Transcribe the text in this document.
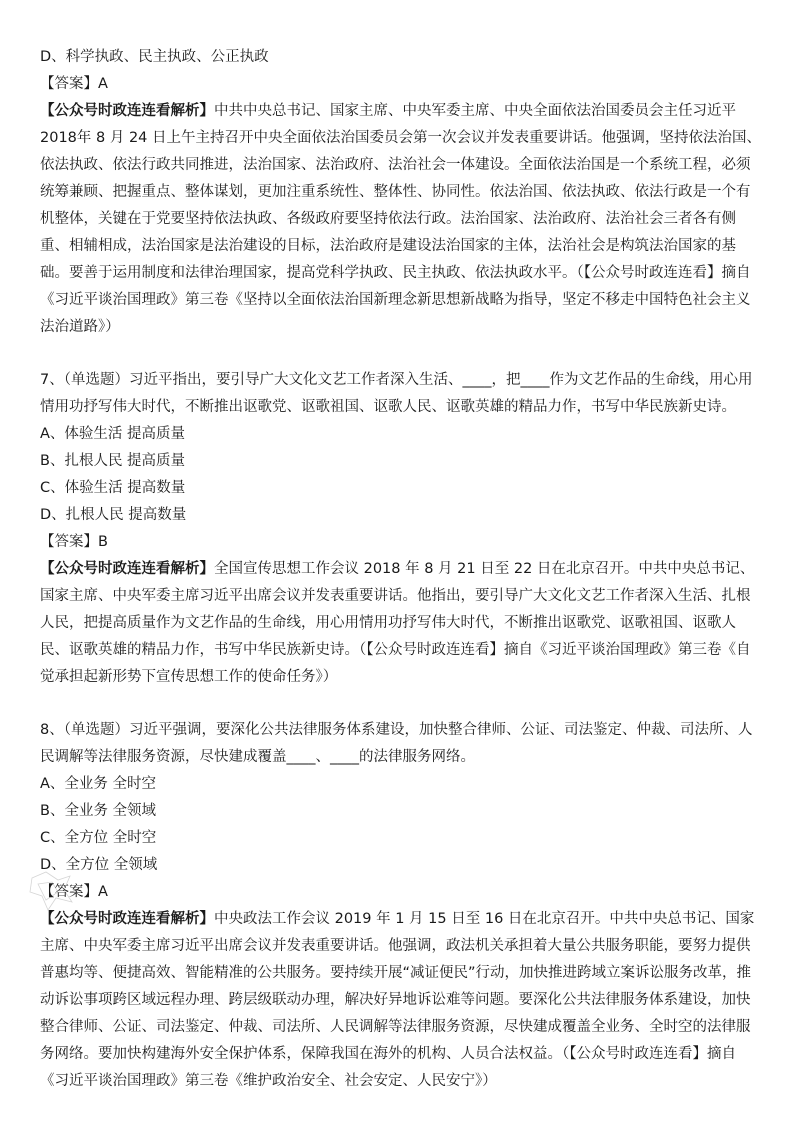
D、科学执政、民主执政、公正执政

【答案】A

【公众号时政连连看解析】中共中央总书记、国家主席、中央军委主席、中央全面依法治国委员会主任习近平 2018年 8 月 24 日上午主持召开中央全面依法治国委员会第一次会议并发表重要讲话。他强调，坚持依法治国、依法执政、依法行政共同推进，法治国家、法治政府、法治社会一体建设。全面依法治国是一个系统工程，必须统筹兼顾、把握重点、整体谋划，更加注重系统性、整体性、协同性。依法治国、依法执政、依法行政是一个有机整体，关键在于党要坚持依法执政、各级政府要坚持依法行政。法治国家、法治政府、法治社会三者各有侧重、相辅相成，法治国家是法治建设的目标，法治政府是建设法治国家的主体，法治社会是构筑法治国家的基础。要善于运用制度和法律治理国家，提高党科学执政、民主执政、依法执政水平。（【公众号时政连连看】摘自《习近平谈治国理政》第三卷《坚持以全面依法治国新理念新思想新战略为指导，坚定不移走中国特色社会主义法治道路》）

7、（单选题）习近平指出，要引导广大文化文艺工作者深入生活、____，把____作为文艺作品的生命线，用心用情用功抒写伟大时代，不断推出讴歌党、讴歌祖国、讴歌人民、讴歌英雄的精品力作，书写中华民族新史诗。

A、体验生活 提高质量

B、扎根人民 提高质量

C、体验生活 提高数量

D、扎根人民 提高数量

【答案】B

【公众号时政连连看解析】全国宣传思想工作会议 2018 年 8 月 21 日至 22 日在北京召开。中共中央总书记、国家主席、中央军委主席习近平出席会议并发表重要讲话。他指出，要引导广大文化文艺工作者深入生活、扎根人民，把提高质量作为文艺作品的生命线，用心用情用功抒写伟大时代，不断推出讴歌党、讴歌祖国、讴歌人民、讴歌英雄的精品力作，书写中华民族新史诗。（【公众号时政连连看】摘自《习近平谈治国理政》第三卷《自觉承担起新形势下宣传思想工作的使命任务》）

8、（单选题）习近平强调，要深化公共法律服务体系建设，加快整合律师、公证、司法鉴定、仲裁、司法所、人民调解等法律服务资源，尽快建成覆盖____、____的法律服务网络。

A、全业务 全时空

B、全业务 全领域

C、全方位 全时空

D、全方位 全领域

【答案】A

【公众号时政连连看解析】中央政法工作会议 2019 年 1 月 15 日至 16 日在北京召开。中共中央总书记、国家主席、中央军委主席习近平出席会议并发表重要讲话。他强调，政法机关承担着大量公共服务职能，要努力提供普惠均等、便捷高效、智能精准的公共服务。要持续开展“减证便民”行动，加快推进跨域立案诉讼服务改革，推动诉讼事项跨区域远程办理、跨层级联动办理，解决好异地诉讼难等问题。要深化公共法律服务体系建设，加快整合律师、公证、司法鉴定、仲裁、司法所、人民调解等法律服务资源，尽快建成覆盖全业务、全时空的法律服务网络。要加快构建海外安全保护体系，保障我国在海外的机构、人员合法权益。（【公众号时政连连看】摘自《习近平谈治国理政》第三卷《维护政治安全、社会安定、人民安宁》）
